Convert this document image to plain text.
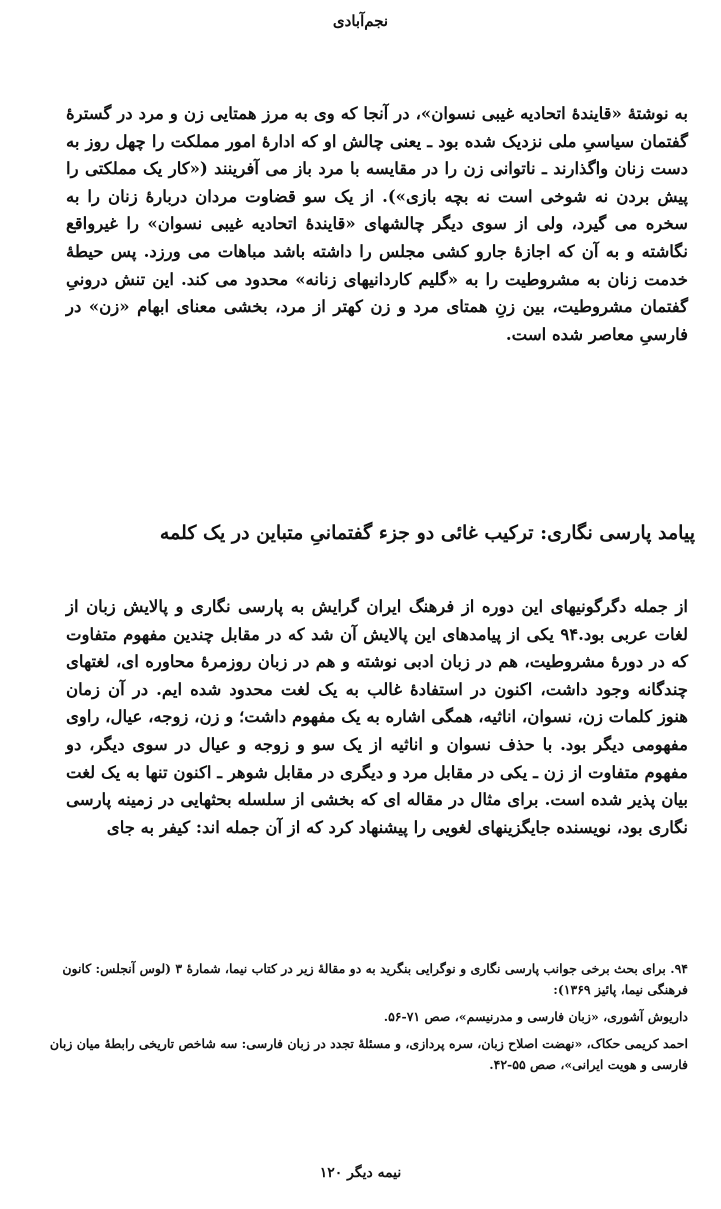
نجم‌آبادی

به نوشتهٔ «قایندهٔ اتحادیه غیبی نسوان»، در آنجا که وی به مرز همتایی زن و مرد در گسترهٔ گفتمان سیاسیِ ملی نزدیک شده بود ـ یعنی چالش او که ادارهٔ امور مملکت را چهل روز به دست زنان واگذارند ـ ناتوانی زن را در مقایسه با مرد باز می آفرینند («کار یک مملکتی را پیش بردن نه شوخی است نه بچه بازی»). از یک سو قضاوت مردان دربارهٔ زنان را به سخره می گیرد، ولی از سوی دیگر چالشهای «قایندهٔ اتحادیه غیبی نسوان» را غیرواقع نگاشته و به آن که اجازهٔ جارو کشی مجلس را داشته باشد مباهات می ورزد. پس حیطهٔ خدمت زنان به مشروطیت را به «گلیم کاردانیهای زنانه» محدود می کند. این تنش درونیِ گفتمان مشروطیت، بین زنِ همتای مرد و زن کهتر از مرد، بخشی معنای ابهام «زن» در فارسیِ معاصر شده است.

پیامد پارسی نگاری: ترکیب غائی دو جزء گفتمانیِ متباین در یک کلمه

از جمله دگرگونیهای این دوره از فرهنگ ایران گرایش به پارسی نگاری و پالایش زبان از لغات عربی بود.۹۴ یکی از پیامدهای این پالایش آن شد که در مقابل چندین مفهوم متفاوت که در دورهٔ مشروطیت، هم در زبان ادبی نوشته و هم در زبان روزمرهٔ محاوره ای، لغتهای چندگانه وجود داشت، اکنون در استفادهٔ غالب به یک لغت محدود شده ایم. در آن زمان هنوز کلمات زن، نسوان، اناثیه، همگی اشاره به یک مفهوم داشت؛ و زن، زوجه، عیال، راوی مفهومی دیگر بود. با حذف نسوان و اناثیه از یک سو و زوجه و عیال در سوی دیگر، دو مفهوم متفاوت از زن ـ یکی در مقابل مرد و دیگری در مقابل شوهر ـ اکنون تنها به یک لغت بیان پذیر شده است. برای مثال در مقاله ای که بخشی از سلسله بحثهایی در زمینه پارسی نگاری بود، نویسنده جایگزینهای لغویی را پیشنهاد کرد که از آن جمله اند: کیفر به جای

۹۴. برای بحث برخی جوانب پارسی نگاری و نوگرایی بنگرید به دو مقالهٔ زیر در کتاب نیما، شمارهٔ ۳ (لوس آنجلس: کانون فرهنگی نیما، پائیز ۱۳۶۹):
داریوش آشوری، «زبان فارسی و مدرنیسم»، صص ۷۱-۵۶.
احمد کریمی حکاک، «نهضت اصلاح زبان، سره پردازی، و مسئلهٔ تجدد در زبان فارسی: سه شاخص تاریخی رابطهٔ میان زبان فارسی و هویت ایرانی»، صص ۵۵-۴۲.
نیمه دیگر ۱۲۰
